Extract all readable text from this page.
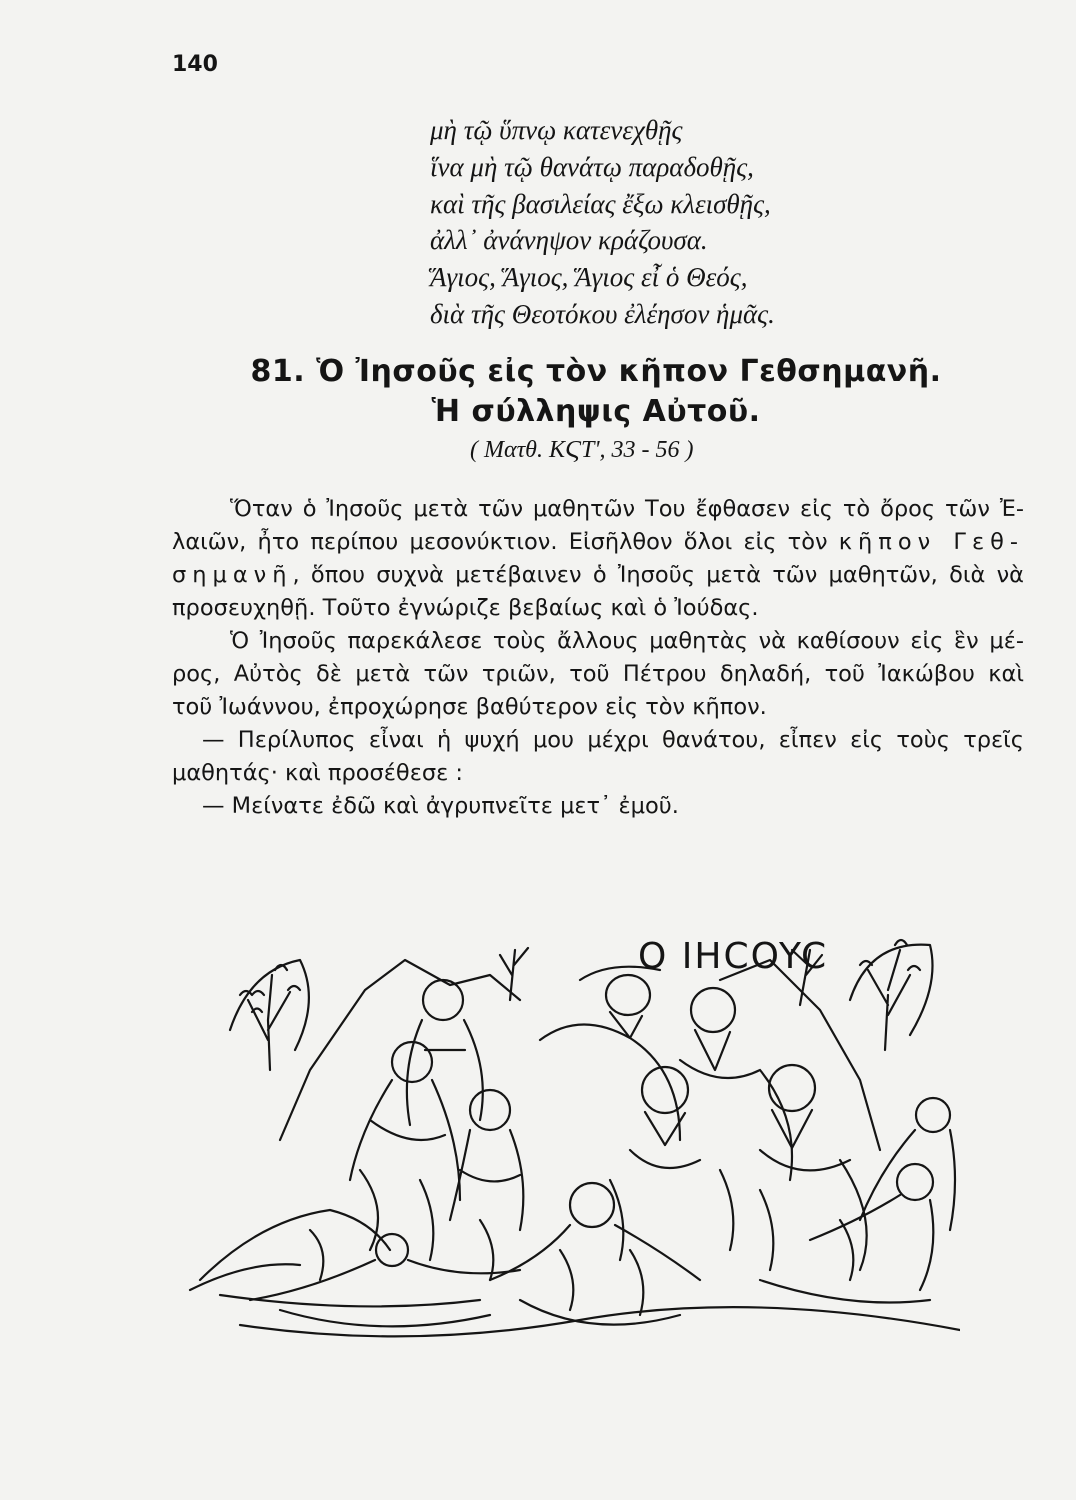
140
μὴ τῷ ὕπνῳ κατενεχθῇς
ἵνα μὴ τῷ θανάτῳ παραδοθῇς,
καὶ τῆς βασιλείας ἔξω κλεισθῇς,
ἀλλ᾽ ἀνάνηψον κράζουσα.
Ἅγιος, Ἅγιος, Ἅγιος εἶ ὁ Θεός,
διὰ τῆς Θεοτόκου ἐλέησον ἡμᾶς.
81. Ὁ Ἰησοῦς εἰς τὸν κῆπον Γεθσημανῆ.
Ἡ σύλληψις Αὐτοῦ.
( Ματθ. ΚϚΤ', 33 - 56 )
Ὅταν ὁ Ἰησοῦς μετὰ τῶν μαθητῶν Του ἔφθασεν εἰς τὸ ὄρος τῶν Ἐ-
λαιῶν, ἦτο περίπου μεσονύκτιον. Εἰσῆλθον ὅλοι εἰς τὸν κῆπον Γεθ-
σημανῆ, ὅπου συχνὰ μετέβαινεν ὁ Ἰησοῦς μετὰ τῶν μαθητῶν, διὰ νὰ
προσευχηθῇ. Τοῦτο ἐγνώριζε βεβαίως καὶ ὁ Ἰούδας.
Ὁ Ἰησοῦς παρεκάλεσε τοὺς ἄλλους μαθητὰς νὰ καθίσουν εἰς ἓν μέ-
ρος, Αὐτὸς δὲ μετὰ τῶν τριῶν, τοῦ Πέτρου δηλαδή, τοῦ Ἰακώβου καὶ
τοῦ Ἰωάννου, ἐπροχώρησε βαθύτερον εἰς τὸν κῆπον.
— Περίλυπος εἶναι ἡ ψυχή μου μέχρι θανάτου, εἶπεν εἰς τοὺς τρεῖς
μαθητάς· καὶ προσέθεσε :
— Μείνατε ἐδῶ καὶ ἀγρυπνεῖτε μετ᾽ ἐμοῦ.
Ο ΙΗCOYC
